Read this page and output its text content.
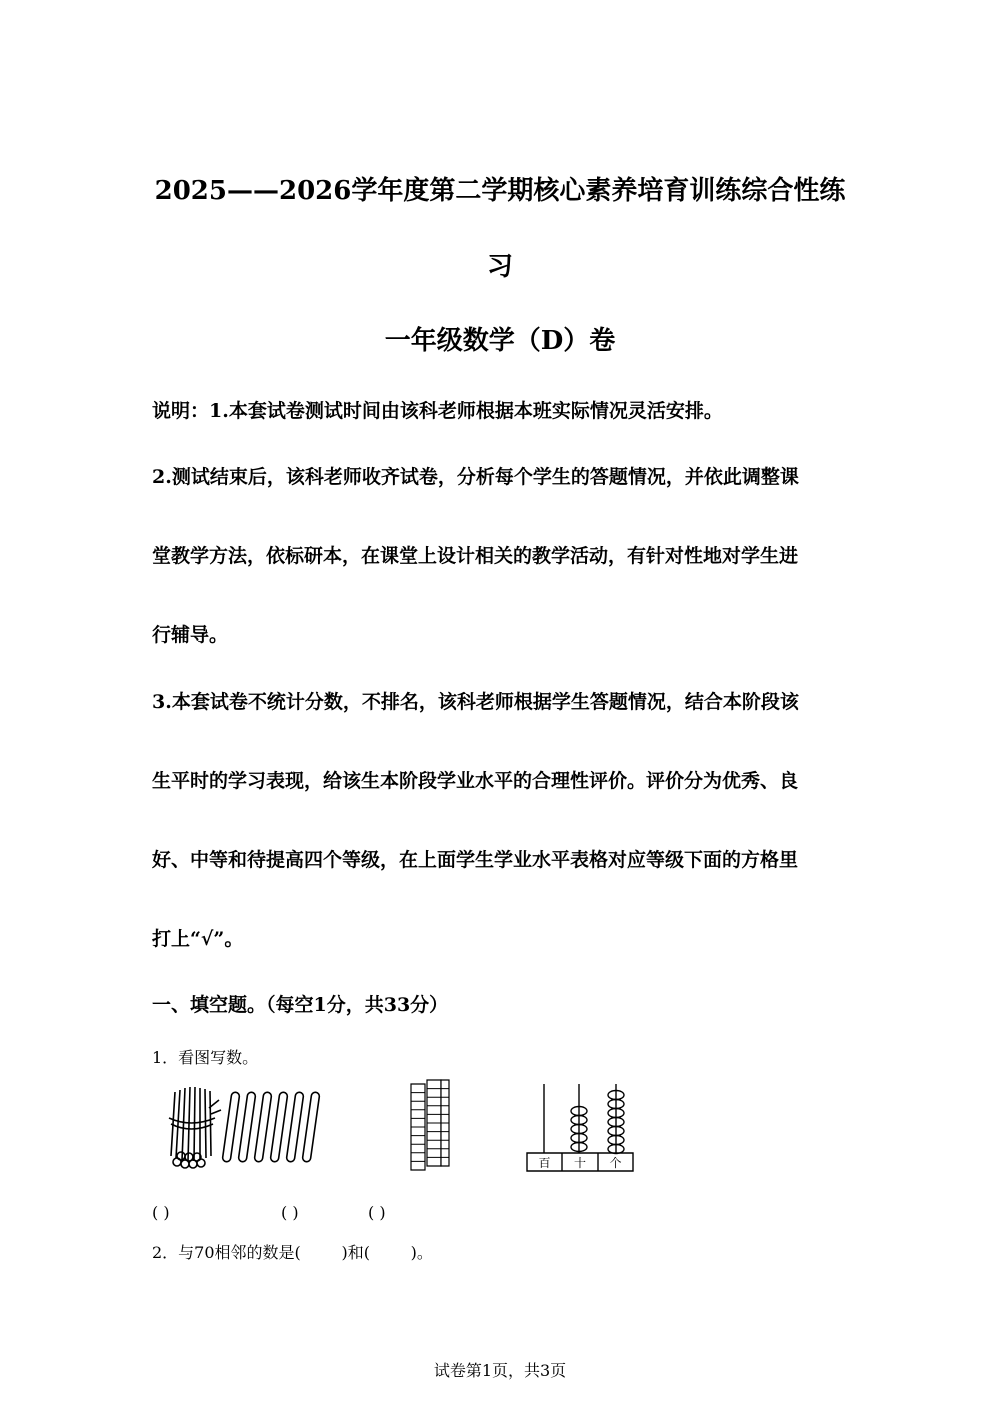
2025——2026学年度第二学期核心素养培育训练综合性练
习
一年级数学（D）卷
说明：1.本套试卷测试时间由该科老师根据本班实际情况灵活安排。
2.测试结束后，该科老师收齐试卷，分析每个学生的答题情况，并依此调整课
堂教学方法，依标研本，在课堂上设计相关的教学活动，有针对性地对学生进
行辅导。
3.本套试卷不统计分数，不排名，该科老师根据学生答题情况，结合本阶段该
生平时的学习表现，给该生本阶段学业水平的合理性评价。评价分为优秀、良
好、中等和待提高四个等级，在上面学生学业水平表格对应等级下面的方格里
打上“√”。
一、填空题。（每空1分，共33分）
1．看图写数。
百 十 个
( )	( )	( )
2．与70相邻的数是(        )和(        )。
试卷第1页，共3页
